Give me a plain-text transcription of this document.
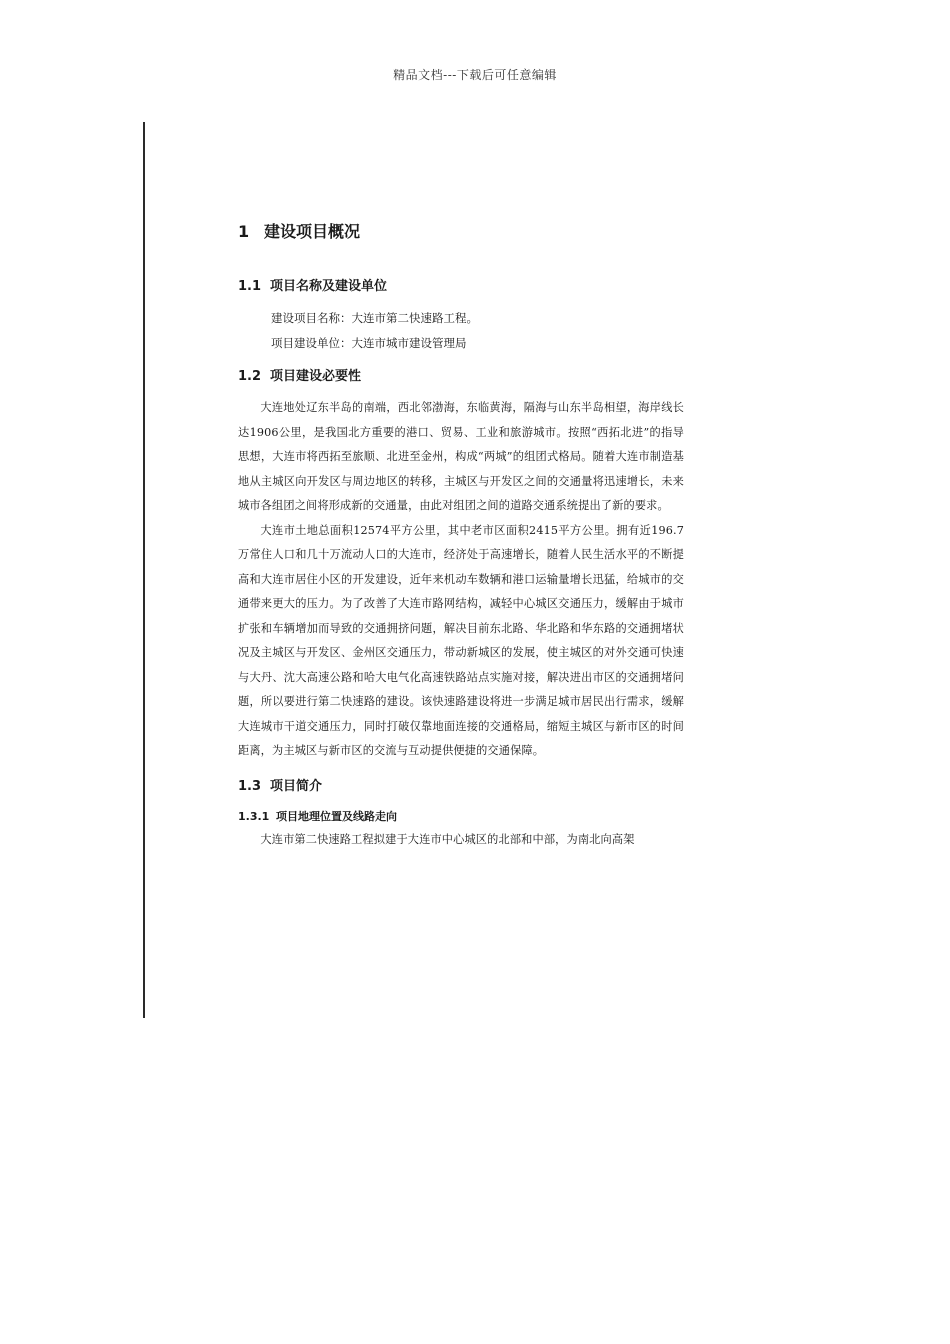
精品文档---下载后可任意编辑
1 建设项目概况
1.1 项目名称及建设单位
建设项目名称：大连市第二快速路工程。
项目建设单位：大连市城市建设管理局
1.2 项目建设必要性

大连地处辽东半岛的南端，西北邻渤海，东临黄海，隔海与山东半岛相望，海岸线长达1906公里，是我国北方重要的港口、贸易、工业和旅游城市。按照“西拓北进”的指导思想，大连市将西拓至旅顺、北进至金州，构成“两城”的组团式格局。随着大连市制造基地从主城区向开发区与周边地区的转移，主城区与开发区之间的交通量将迅速增长，未来城市各组团之间将形成新的交通量，由此对组团之间的道路交通系统提出了新的要求。

大连市土地总面积12574平方公里，其中老市区面积2415平方公里。拥有近196.7万常住人口和几十万流动人口的大连市，经济处于高速增长，随着人民生活水平的不断提高和大连市居住小区的开发建设，近年来机动车数辆和港口运输量增长迅猛，给城市的交通带来更大的压力。为了改善了大连市路网结构，减轻中心城区交通压力，缓解由于城市扩张和车辆增加而导致的交通拥挤问题，解决目前东北路、华北路和华东路的交通拥堵状况及主城区与开发区、金州区交通压力，带动新城区的发展，使主城区的对外交通可快速与大丹、沈大高速公路和哈大电气化高速铁路站点实施对接，解决进出市区的交通拥堵问题，所以要进行第二快速路的建设。该快速路建设将进一步满足城市居民出行需求，缓解大连城市干道交通压力，同时打破仅靠地面连接的交通格局，缩短主城区与新市区的时间距离，为主城区与新市区的交流与互动提供便捷的交通保障。

1.3 项目简介
1.3.1 项目地理位置及线路走向

大连市第二快速路工程拟建于大连市中心城区的北部和中部，为南北向高架
